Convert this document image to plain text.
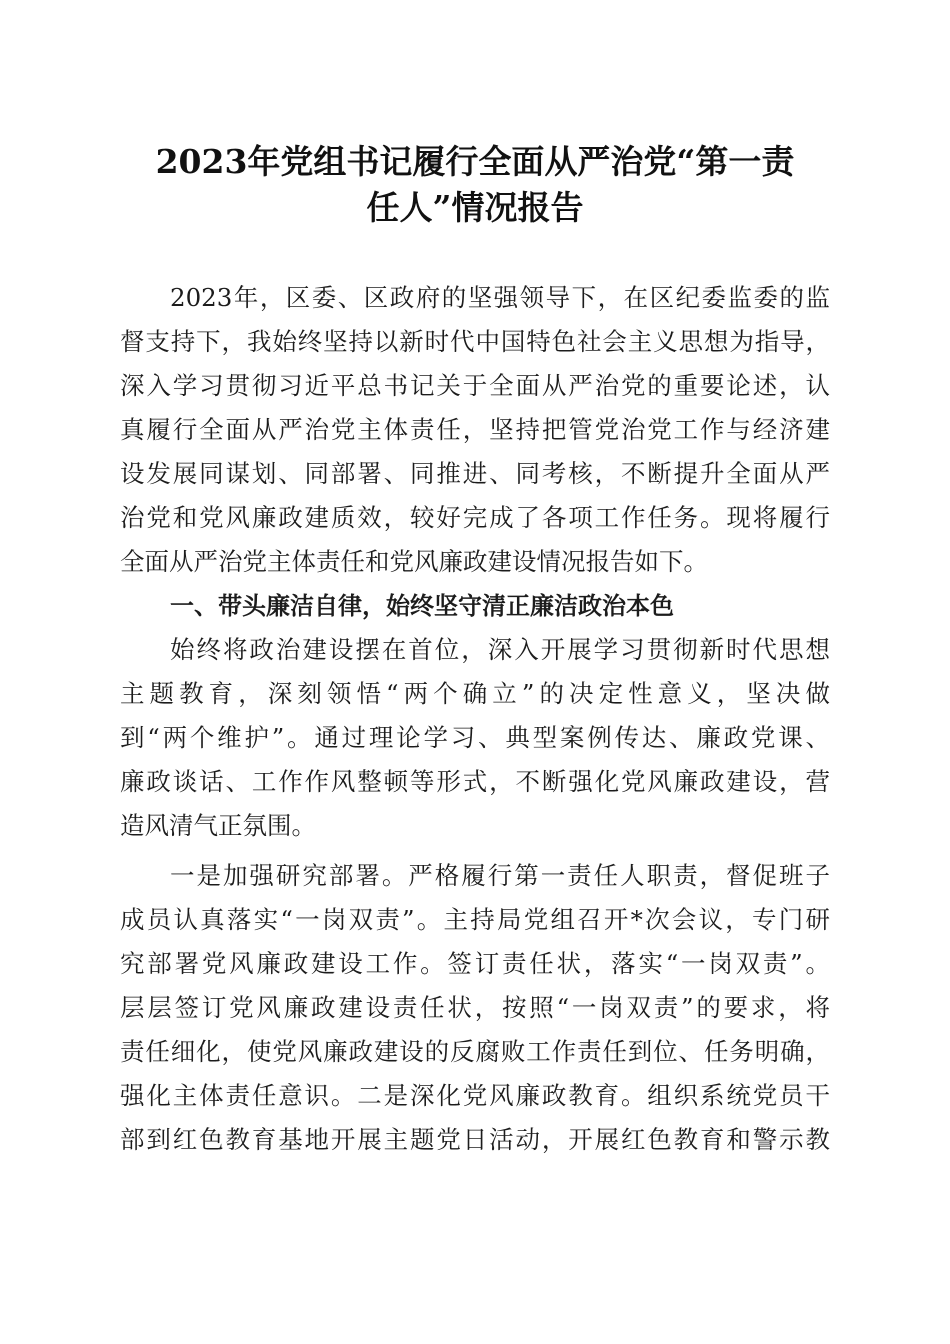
2023年党组书记履行全面从严治党“第一责
任人”情况报告
2023年，区委、区政府的坚强领导下，在区纪委监委的监
督支持下，我始终坚持以新时代中国特色社会主义思想为指导，
深入学习贯彻习近平总书记关于全面从严治党的重要论述，认
真履行全面从严治党主体责任，坚持把管党治党工作与经济建
设发展同谋划、同部署、同推进、同考核，不断提升全面从严
治党和党风廉政建质效，较好完成了各项工作任务。现将履行
全面从严治党主体责任和党风廉政建设情况报告如下。
一、带头廉洁自律，始终坚守清正廉洁政治本色
始终将政治建设摆在首位，深入开展学习贯彻新时代思想
主题教育，深刻领悟“两个确立”的决定性意义，坚决做
到“两个维护”。通过理论学习、典型案例传达、廉政党课、
廉政谈话、工作作风整顿等形式，不断强化党风廉政建设，营
造风清气正氛围。
一是加强研究部署。严格履行第一责任人职责，督促班子
成员认真落实“一岗双责”。主持局党组召开*次会议，专门研
究部署党风廉政建设工作。签订责任状，落实“一岗双责”。
层层签订党风廉政建设责任状，按照“一岗双责”的要求，将
责任细化，使党风廉政建设的反腐败工作责任到位、任务明确，
强化主体责任意识。二是深化党风廉政教育。组织系统党员干
部到红色教育基地开展主题党日活动，开展红色教育和警示教
